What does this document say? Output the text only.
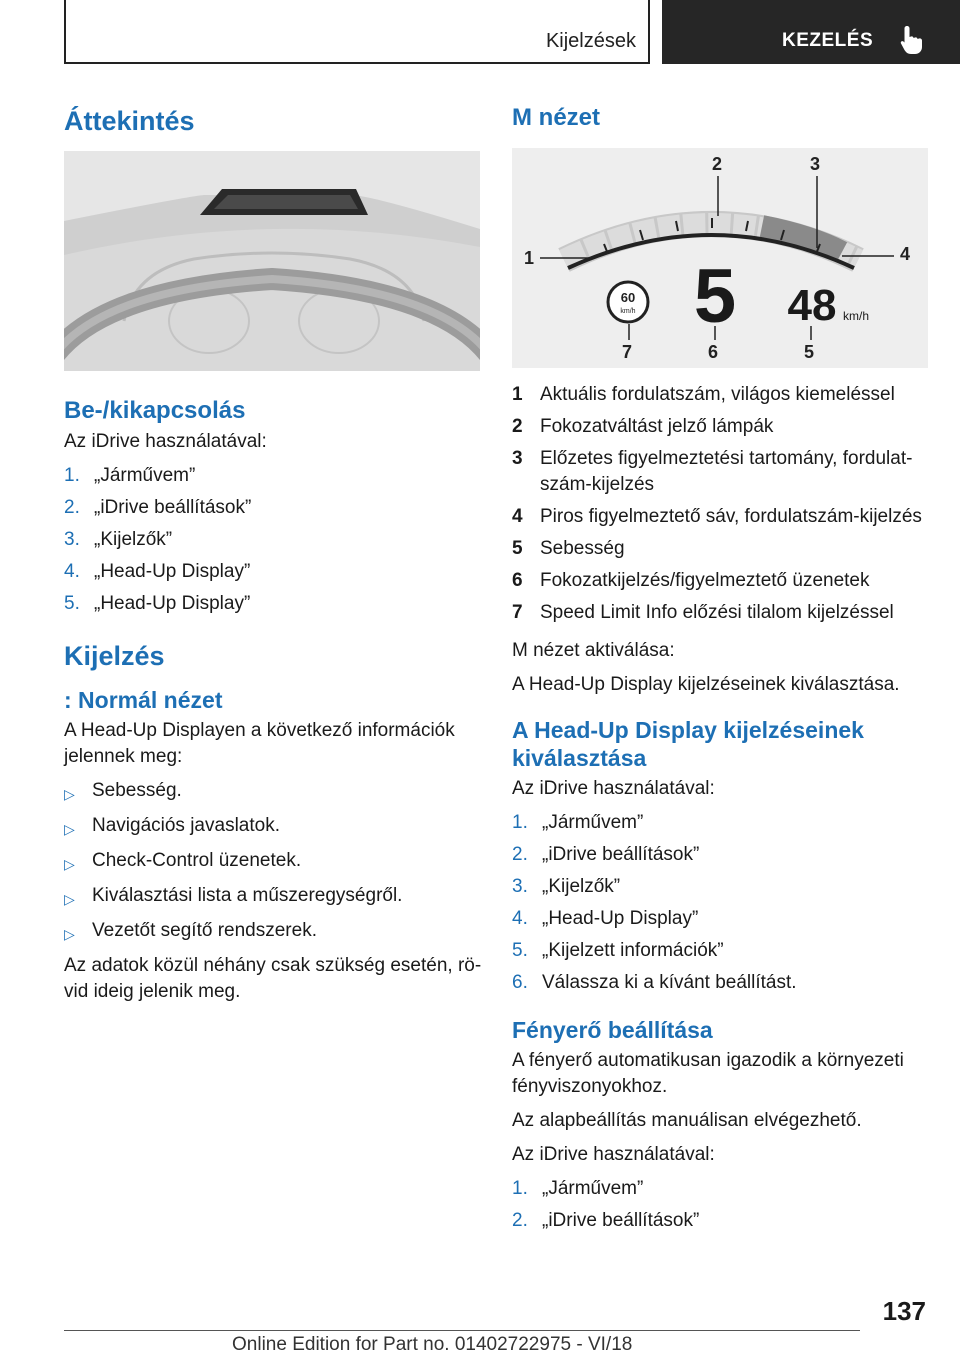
Kijelzések	KEZELÉS
Áttekintés
Be-/kikapcsolás

Az iDrive használatával:

1. „Járművem”
2. „iDrive beállítások”
3. „Kijelzők”
4. „Head-Up Display”
5. „Head-Up Display”
Kijelzés
: Normál nézet

A Head-Up Displayen a következő információk jelennek meg:

▷ Sebesség.
▷ Navigációs javaslatok.
▷ Check-Control üzenetek.
▷ Kiválasztási lista a műszeregységről.
▷ Vezetőt segítő rendszerek.

Az adatok közül néhány csak szükség esetén, rö-vid ideig jelenik meg.

M nézet
1
2	3
4
5
6
7
60
km/h 5 48 km/h
1 Aktuális fordulatszám, világos kiemeléssel
2 Fokozatváltást jelző lámpák
3 Előzetes figyelmeztetési tartomány, fordulat-szám-kijelzés
4 Piros figyelmeztető sáv, fordulatszám-kijelzés
5 Sebesség
6 Fokozatkijelzés/figyelmeztető üzenetek
7 Speed Limit Info előzési tilalom kijelzéssel

M nézet aktiválása:

A Head-Up Display kijelzéseinek kiválasztása.

A Head-Up Display kijelzéseinek kiválasztása

Az iDrive használatával:

1. „Járművem”
2. „iDrive beállítások”
3. „Kijelzők”
4. „Head-Up Display”
5. „Kijelzett információk”
6. Válassza ki a kívánt beállítást.
Fényerő beállítása

A fényerő automatikusan igazodik a környezeti fényviszonyokhoz.

Az alapbeállítás manuálisan elvégezhető.

Az iDrive használatával:

1. „Járművem”
2. „iDrive beállítások”
137
Online Edition for Part no. 01402722975 - VI/18
